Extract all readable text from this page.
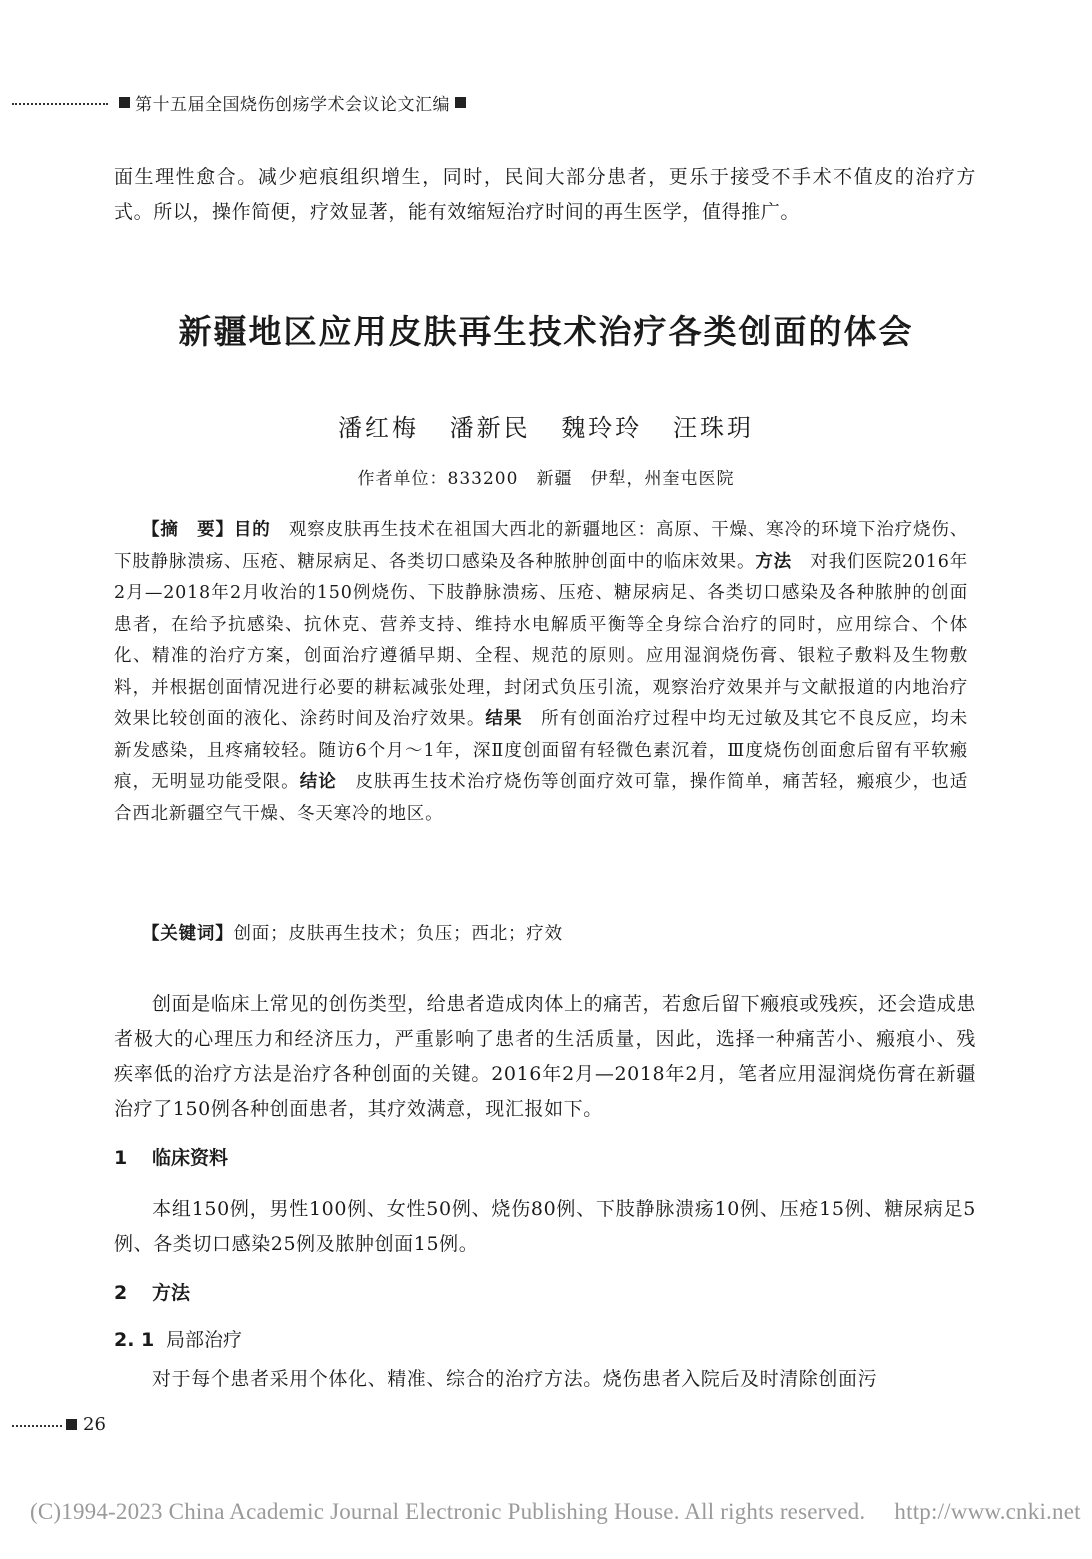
第十五届全国烧伤创疡学术会议论文汇编
面生理性愈合。减少疤痕组织增生，同时，民间大部分患者，更乐于接受不手术不值皮的治疗方式。所以，操作简便，疗效显著，能有效缩短治疗时间的再生医学，值得推广。
新疆地区应用皮肤再生技术治疗各类创面的体会
潘红梅 潘新民 魏玲玲 汪珠玥
作者单位：833200　新疆　伊犁，州奎屯医院
【摘　要】目的　观察皮肤再生技术在祖国大西北的新疆地区：高原、干燥、寒冷的环境下治疗烧伤、下肢静脉溃疡、压疮、糖尿病足、各类切口感染及各种脓肿创面中的临床效果。方法　对我们医院2016年2月—2018年2月收治的150例烧伤、下肢静脉溃疡、压疮、糖尿病足、各类切口感染及各种脓肿的创面患者，在给予抗感染、抗休克、营养支持、维持水电解质平衡等全身综合治疗的同时，应用综合、个体化、精准的治疗方案，创面治疗遵循早期、全程、规范的原则。应用湿润烧伤膏、银粒子敷料及生物敷料，并根据创面情况进行必要的耕耘减张处理，封闭式负压引流，观察治疗效果并与文献报道的内地治疗效果比较创面的液化、涂药时间及治疗效果。结果　所有创面治疗过程中均无过敏及其它不良反应，均未新发感染，且疼痛较轻。随访6个月～1年，深Ⅱ度创面留有轻微色素沉着，Ⅲ度烧伤创面愈后留有平软瘢痕，无明显功能受限。结论　皮肤再生技术治疗烧伤等创面疗效可靠，操作简单，痛苦轻，瘢痕少，也适合西北新疆空气干燥、冬天寒冷的地区。
【关键词】创面；皮肤再生技术；负压；西北；疗效
创面是临床上常见的创伤类型，给患者造成肉体上的痛苦，若愈后留下瘢痕或残疾，还会造成患者极大的心理压力和经济压力，严重影响了患者的生活质量，因此，选择一种痛苦小、瘢痕小、残疾率低的治疗方法是治疗各种创面的关键。2016年2月—2018年2月，笔者应用湿润烧伤膏在新疆治疗了150例各种创面患者，其疗效满意，现汇报如下。
1 临床资料
本组150例，男性100例、女性50例、烧伤80例、下肢静脉溃疡10例、压疮15例、糖尿病足5例、各类切口感染25例及脓肿创面15例。
2 方法
2. 1 局部治疗
对于每个患者采用个体化、精准、综合的治疗方法。烧伤患者入院后及时清除创面污
26
(C)1994-2023 China Academic Journal Electronic Publishing House. All rights reserved.　 http://www.cnki.net
